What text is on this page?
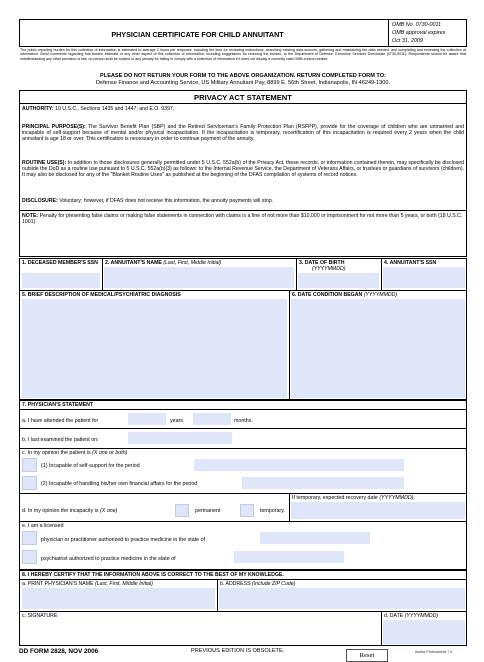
PHYSICIAN CERTIFICATE FOR CHILD ANNUITANT
OMB No. 0730-0011
OMB approval expires
Oct 31, 2009
The public reporting burden for this collection of information is estimated to average 2 hours per response, including the time for reviewing instructions, searching existing data sources, gathering and maintaining the data needed, and completing and reviewing the collection of information. Send comments regarding this burden estimate or any other aspect of this collection of information, including suggestions for reducing the burden, to the Department of Defense, Executive Services Directorate (0730-0011). Respondents should be aware that notwithstanding any other provision of law, no person shall be subject to any penalty for failing to comply with a collection of information if it does not display a currently valid OMB control number.
PLEASE DO NOT RETURN YOUR FORM TO THE ABOVE ORGANIZATION. RETURN COMPLETED FORM TO:
Defense Finance and Accounting Service, US Military Annuitant Pay, 8899 E. 56th Street, Indianapolis, IN 46249-1300.
PRIVACY ACT STATEMENT
AUTHORITY: 10 U.S.C., Sections 1435 and 1447; and E.O. 9397.
PRINCIPAL PURPOSE(S): The Survivor Benefit Plan (SBP) and the Retired Serviceman's Family Protection Plan (RSFPP), provide for the coverage of children who are unmarried and incapable of self-support because of mental and/or physical incapacitation. If the incapacitation is temporary, recertification of this incapacitation is required every 2 years when the child annuitant is age 18 or over. This certification is necessary in order to continue payment of the annuity.
ROUTINE USE(S): In addition to those disclosures generally permitted under 5 U.S.C. 552a(b) of the Privacy Act, these records, or information contained therein, may specifically be disclosed outside the DoD as a routine use pursuant to 5 U.S.C. 552a(b)(3) as follows: to the Internal Revenue Service, the Department of Veterans Affairs, or trustees or guardians of survivors (children). It may also be disclosed for any of the "Blanket Routine Uses" as published at the beginning of the DFAS compilation of systems of record notices.
DISCLOSURE: Voluntary; however, if DFAS does not receive this information, the annuity payments will stop.
NOTE: Penalty for presenting false claims or making false statements in connection with claims is a fine of not more than $10,000 or imprisonment for not more than 5 years, or both (18 U.S.C. 1001).
1. DECEASED MEMBER'S SSN	2. ANNUITANT'S NAME (Last, First, Middle Initial)	3. DATE OF BIRTH
(YYYYMMDD)
4. ANNUITANT'S SSN
5. BRIEF DESCRIPTION OF MEDICAL/PSYCHIATRIC DIAGNOSIS	6. DATE CONDITION BEGAN (YYYYMMDD)
7. PHYSICIAN'S STATEMENT
a. I have attended the patient for	years	months.
b. I last examined the patient on:
c. In my opinion the patient is (X one or both)
(1) Incapable of self-support for the period
(2) Incapable of handling his/her own financial affairs for the period
d. In my opinion the incapacity is (X one)	permanent	temporary.
If temporary, expected recovery date (YYYYMMDD)
e. I am a licensed
physician or practitioner authorized to practice medicine in the state of
psychiatrist authorized to practice medicine in the state of
8. I HEREBY CERTIFY THAT THE INFORMATION ABOVE IS CORRECT TO THE BEST OF MY KNOWLEDGE.
a. PRINT PHYSICIAN'S NAME (Last, First, Middle Initial)	b. ADDRESS (Include ZIP Code)
c. SIGNATURE	d. DATE (YYYYMMDD)
DD FORM 2828, NOV 2006	PREVIOUS EDITION IS OBSOLETE.
Reset	Adobe Professional 7.0
